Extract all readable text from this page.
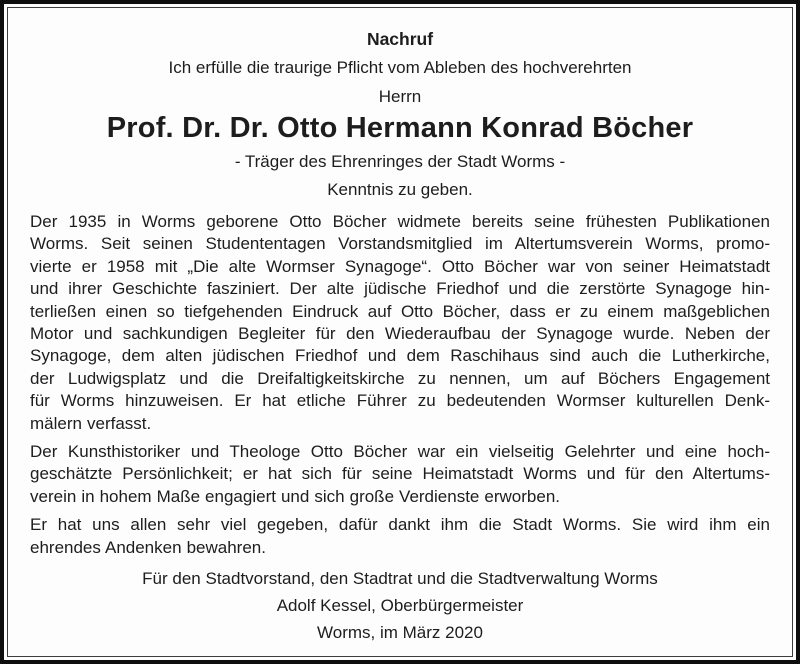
Nachruf
Ich erfülle die traurige Pflicht vom Ableben des hochverehrten
Herrn
Prof. Dr. Dr. Otto Hermann Konrad Böcher
- Träger des Ehrenringes der Stadt Worms -
Kenntnis zu geben.
Der 1935 in Worms geborene Otto Böcher widmete bereits seine frühesten Publikationen
Worms. Seit seinen Studententagen Vorstandsmitglied im Altertumsverein Worms, promo-
vierte er 1958 mit „Die alte Wormser Synagoge“. Otto Böcher war von seiner Heimatstadt
und ihrer Geschichte fasziniert. Der alte jüdische Friedhof und die zerstörte Synagoge hin-
terließen einen so tiefgehenden Eindruck auf Otto Böcher, dass er zu einem maßgeblichen
Motor und sachkundigen Begleiter für den Wiederaufbau der Synagoge wurde. Neben der
Synagoge, dem alten jüdischen Friedhof und dem Raschihaus sind auch die Lutherkirche,
der Ludwigsplatz und die Dreifaltigkeitskirche zu nennen, um auf Böchers Engagement
für Worms hinzuweisen. Er hat etliche Führer zu bedeutenden Wormser kulturellen Denk-
mälern verfasst.
Der Kunsthistoriker und Theologe Otto Böcher war ein vielseitig Gelehrter und eine hoch-
geschätzte Persönlichkeit; er hat sich für seine Heimatstadt Worms und für den Altertums-
verein in hohem Maße engagiert und sich große Verdienste erworben.
Er hat uns allen sehr viel gegeben, dafür dankt ihm die Stadt Worms. Sie wird ihm ein
ehrendes Andenken bewahren.
Für den Stadtvorstand, den Stadtrat und die Stadtverwaltung Worms
Adolf Kessel, Oberbürgermeister
Worms, im März 2020
